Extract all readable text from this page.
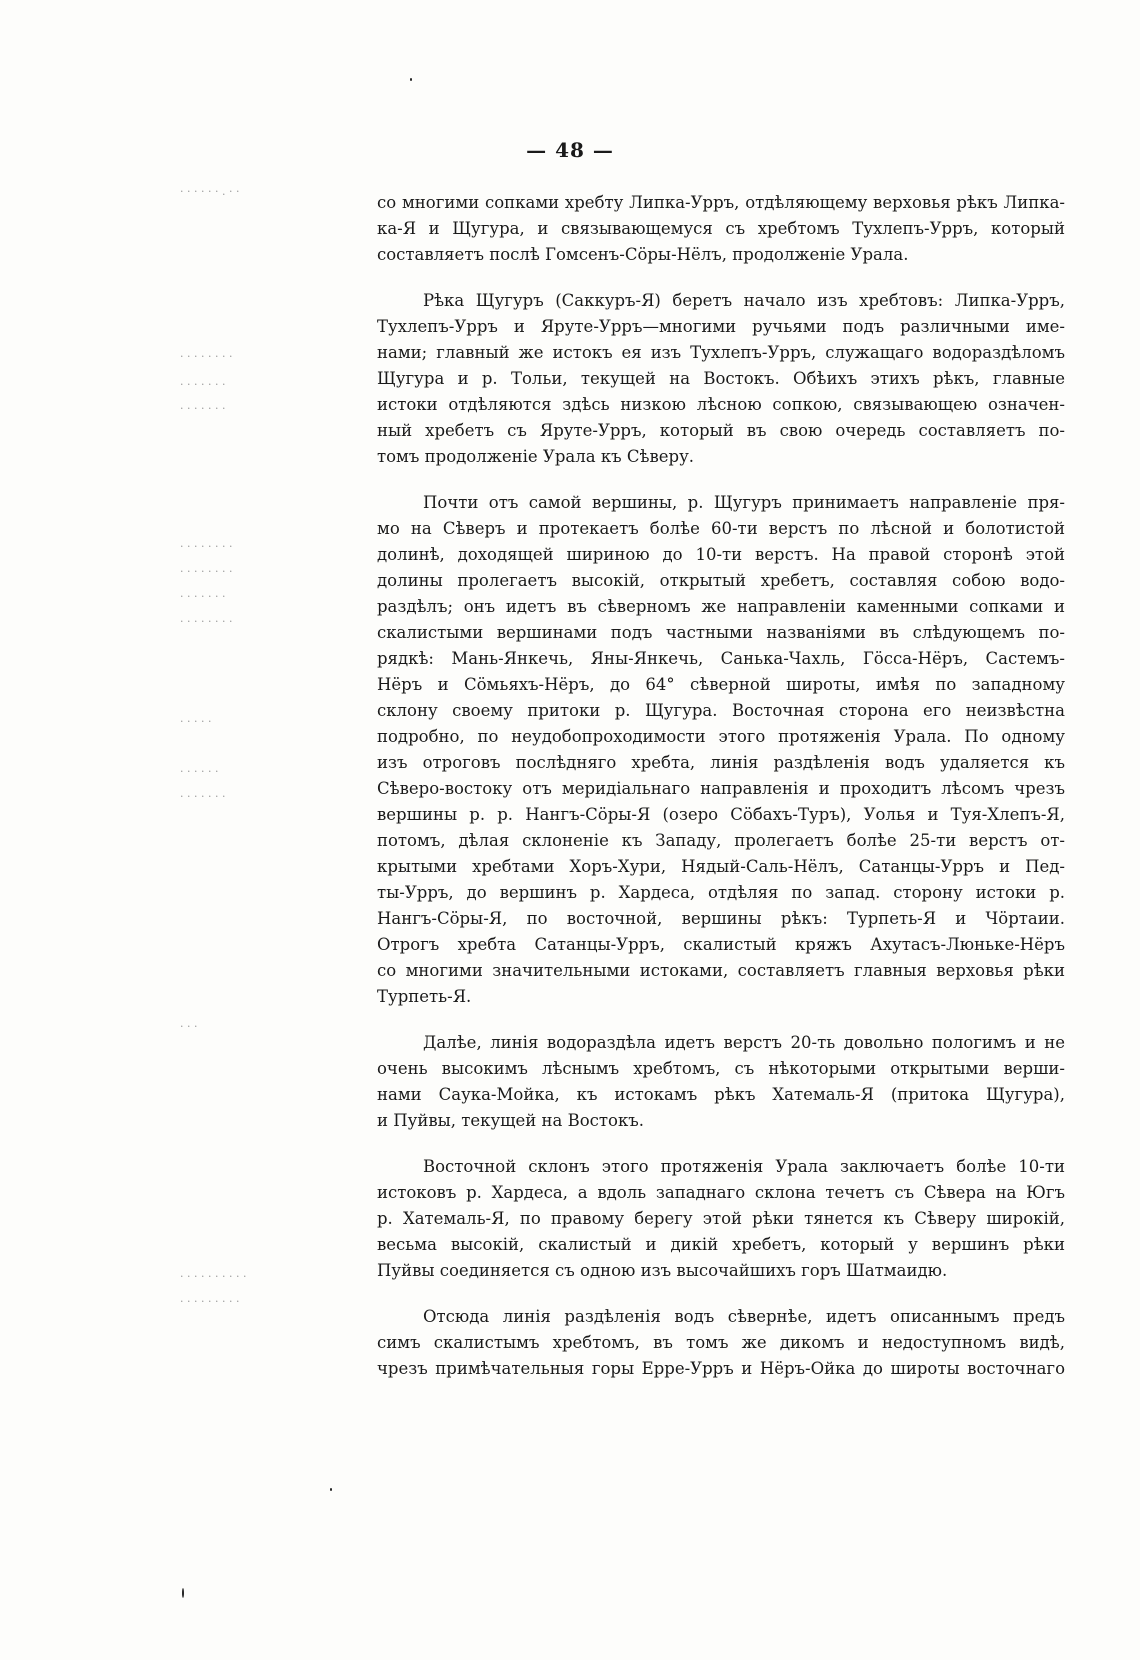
— 48 —
· · · · · · . · ·
· · · · · · · ·
· · · · · · ·
· · · · · · ·
· · · · · · · ·
· · · · · · · ·
· · · · · · ·
· · · · · · · ·
· · · · ·
· · · · · ·
· · · · · · ·
· · ·
· · · · · · · · · ·
· · · · · · · · ·
со многими сопками хребту Липка-Урръ, отдѣляющему верховья рѣкъ Липка-
ка-Я и Щугура, и связывающемуся съ хребтомъ Тухлепъ-Урръ, который
составляетъ послѣ Гомсенъ-Сöры-Нёлъ, продолженіе Урала.
Рѣка Щугуръ (Саккуръ-Я) беретъ начало изъ хребтовъ: Липка-Урръ,
Тухлепъ-Урръ и Ярутe-Урръ—многими ручьями подъ различными име-
нами; главный же истокъ ея изъ Тухлепъ-Урръ, служащаго водораздѣломъ
Щугура и р. Тольи, текущей на Востокъ. Обѣихъ этихъ рѣкъ, главные
истоки отдѣляются здѣсь низкою лѣсною сопкою, связывающею означен-
ный хребетъ съ Ярутe-Урръ, который въ свою очередь составляетъ по-
томъ продолженіе Урала къ Сѣверу.
Почти отъ самой вершины, р. Щугуръ принимаетъ направленіе пря-
мо на Сѣверъ и протекаетъ болѣе 60-ти верстъ по лѣсной и болотистой
долинѣ, доходящей шириною до 10-ти верстъ. На правой сторонѣ этой
долины пролегаетъ высокій, открытый хребетъ, составляя собою водо-
раздѣлъ; онъ идетъ въ сѣверномъ же направленіи каменными сопками и
скалистыми вершинами подъ частными названіями въ слѣдующемъ по-
рядкѣ: Мань-Янкечь, Яны-Янкечь, Санька-Чахль, Гöсса-Нёръ, Састемъ-
Нёръ и Сöмьяхъ-Нёръ, до 64° сѣверной широты, имѣя по западному
склону своему притоки р. Щугура. Восточная сторона его неизвѣстна
подробно, по неудобопроходимости этого протяженія Урала. По одному
изъ отроговъ послѣдняго хребта, линія раздѣленія водъ удаляется къ
Сѣверо-востоку отъ меридіальнаго направленія и проходитъ лѣсомъ чрезъ
вершины р. р. Нангъ-Сöры-Я (озеро Сöбахъ-Туръ), Уолья и Туя-Хлепъ-Я,
потомъ, дѣлая склоненіе къ Западу, пролегаетъ болѣе 25-ти верстъ от-
крытыми хребтами Хоръ-Хури, Нядый-Саль-Нёлъ, Сатанцы-Урръ и Пед-
ты-Урръ, до вершинъ р. Хардеса, отдѣляя по запад. сторону истоки р.
Нангъ-Сöры-Я, по восточной, вершины рѣкъ: Турпеть-Я и Чöртаии.
Отрогъ хребта Сатанцы-Урръ, скалистый кряжъ Ахутасъ-Люньке-Нёръ
со многими значительными истоками, составляетъ главныя верховья рѣки
Турпеть-Я.
Далѣе, линія водораздѣла идетъ верстъ 20-ть довольно пологимъ и не
очень высокимъ лѣснымъ хребтомъ, съ нѣкоторыми открытыми верши-
нами Саука-Мойка, къ истокамъ рѣкъ Хатемаль-Я (притока Щугура),
и Пуйвы, текущей на Востокъ.
Восточной склонъ этого протяженія Урала заключаетъ болѣе 10-ти
истоковъ р. Хардеса, а вдоль западнаго склона течетъ съ Сѣвера на Югъ
р. Хатемаль-Я, по правому берегу этой рѣки тянется къ Сѣверу широкій,
весьма высокій, скалистый и дикій хребетъ, который у вершинъ рѣки
Пуйвы соединяется съ одною изъ высочайшихъ горъ Шатмаидю.
Отсюда линія раздѣленія водъ сѣвернѣе, идетъ описаннымъ предъ
симъ скалистымъ хребтомъ, въ томъ же дикомъ и недоступномъ видѣ,
чрезъ примѣчательныя горы Ерре-Урръ и Нёръ-Ойка до широты восточнаго
